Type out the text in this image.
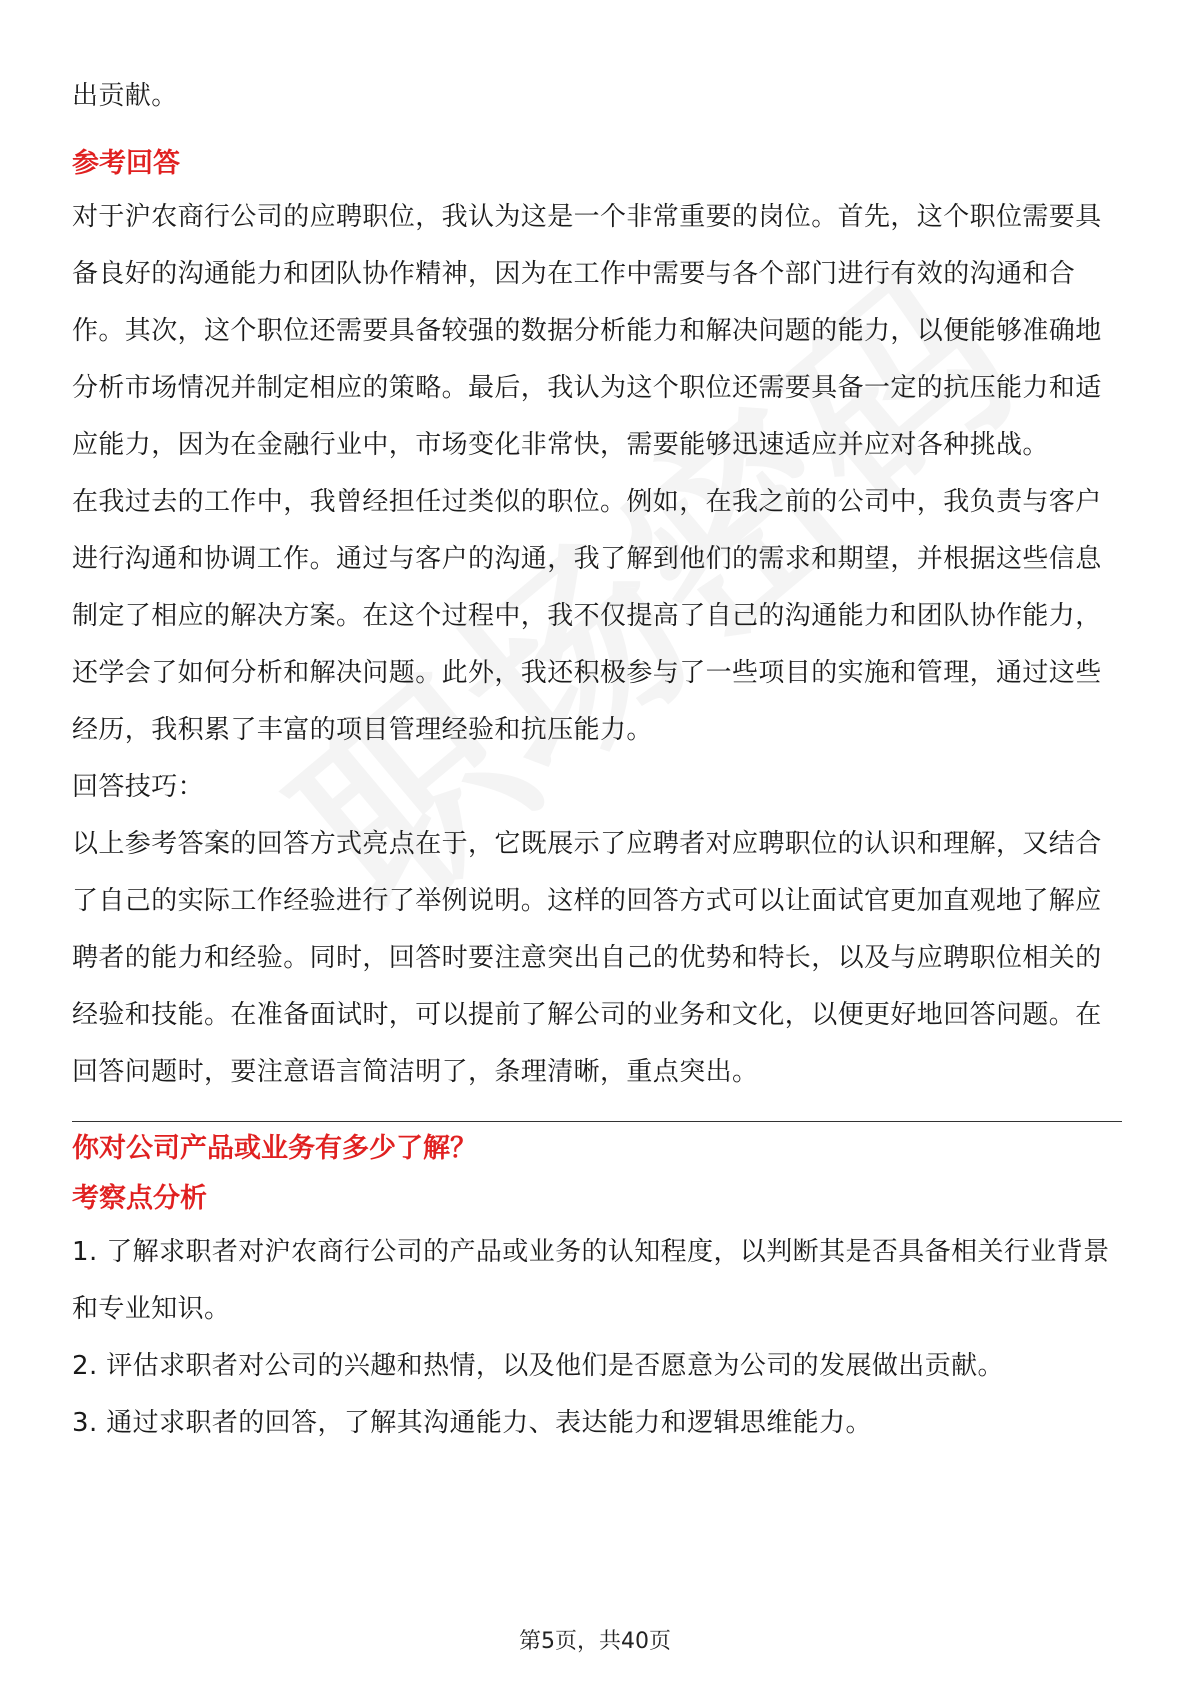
出贡献。

参考回答

对于沪农商行公司的应聘职位，我认为这是一个非常重要的岗位。首先，这个职位需要具备良好的沟通能力和团队协作精神，因为在工作中需要与各个部门进行有效的沟通和合作。其次，这个职位还需要具备较强的数据分析能力和解决问题的能力，以便能够准确地分析市场情况并制定相应的策略。最后，我认为这个职位还需要具备一定的抗压能力和适应能力，因为在金融行业中，市场变化非常快，需要能够迅速适应并应对各种挑战。

在我过去的工作中，我曾经担任过类似的职位。例如，在我之前的公司中，我负责与客户进行沟通和协调工作。通过与客户的沟通，我了解到他们的需求和期望，并根据这些信息制定了相应的解决方案。在这个过程中，我不仅提高了自己的沟通能力和团队协作能力，还学会了如何分析和解决问题。此外，我还积极参与了一些项目的实施和管理，通过这些经历，我积累了丰富的项目管理经验和抗压能力。

回答技巧：

以上参考答案的回答方式亮点在于，它既展示了应聘者对应聘职位的认识和理解，又结合了自己的实际工作经验进行了举例说明。这样的回答方式可以让面试官更加直观地了解应聘者的能力和经验。同时，回答时要注意突出自己的优势和特长，以及与应聘职位相关的经验和技能。在准备面试时，可以提前了解公司的业务和文化，以便更好地回答问题。在回答问题时，要注意语言简洁明了，条理清晰，重点突出。

你对公司产品或业务有多少了解？

考察点分析

1. 了解求职者对沪农商行公司的产品或业务的认知程度，以判断其是否具备相关行业背景和专业知识。

2. 评估求职者对公司的兴趣和热情，以及他们是否愿意为公司的发展做出贡献。

3. 通过求职者的回答，了解其沟通能力、表达能力和逻辑思维能力。

第5页，共40页
